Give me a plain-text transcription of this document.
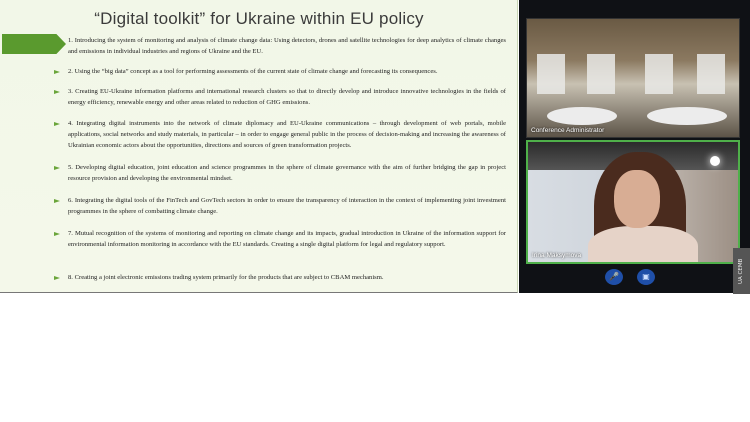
“Digital toolkit” for Ukraine within EU policy
1. Introducing the system of monitoring and analysis of climate change data: Using detectors, drones and satellite technologies for deep analytics of climate changes and emissions in individual industries and regions of Ukraine and the EU.
2. Using the “big data” concept as a tool for performing assessments of the current state of climate change and forecasting its consequences.
3. Creating EU-Ukraine information platforms and international research clusters so that to directly develop and introduce innovative technologies in the fields of energy efficiency, renewable energy and other areas related to reduction of GHG emissions.
4. Integrating digital instruments into the network of climate diplomacy and EU-Ukraine communications – through development of web portals, mobile applications, social networks and study materials, in particular – in order to engage general public in the process of decision-making and increasing the awareness of Ukrainian economic actors about the opportunities, directions and sources of green transformation projects.
5. Developing digital education, joint education and science programmes in the sphere of climate governance with the aim of further bridging the gap in project resource provision and developing the environmental mindset.
6. Integrating the digital tools of the FinTech and GovTech sectors in order to ensure the transparency of interaction in the context of implementing joint investment programmes in the sphere of combatting climate change.
7. Mutual recognition of the systems of monitoring and reporting on climate change and its impacts, gradual introduction in Ukraine of the information support for environmental information monitoring in accordance with the EU standards. Creating a single digital platform for legal and regulatory support.
8. Creating a joint electronic emissions trading system primarily for the products that are subject to CBAM mechanism.
Conference Administrator
Irina Maksymova
🎤	▣	UA CEMB
